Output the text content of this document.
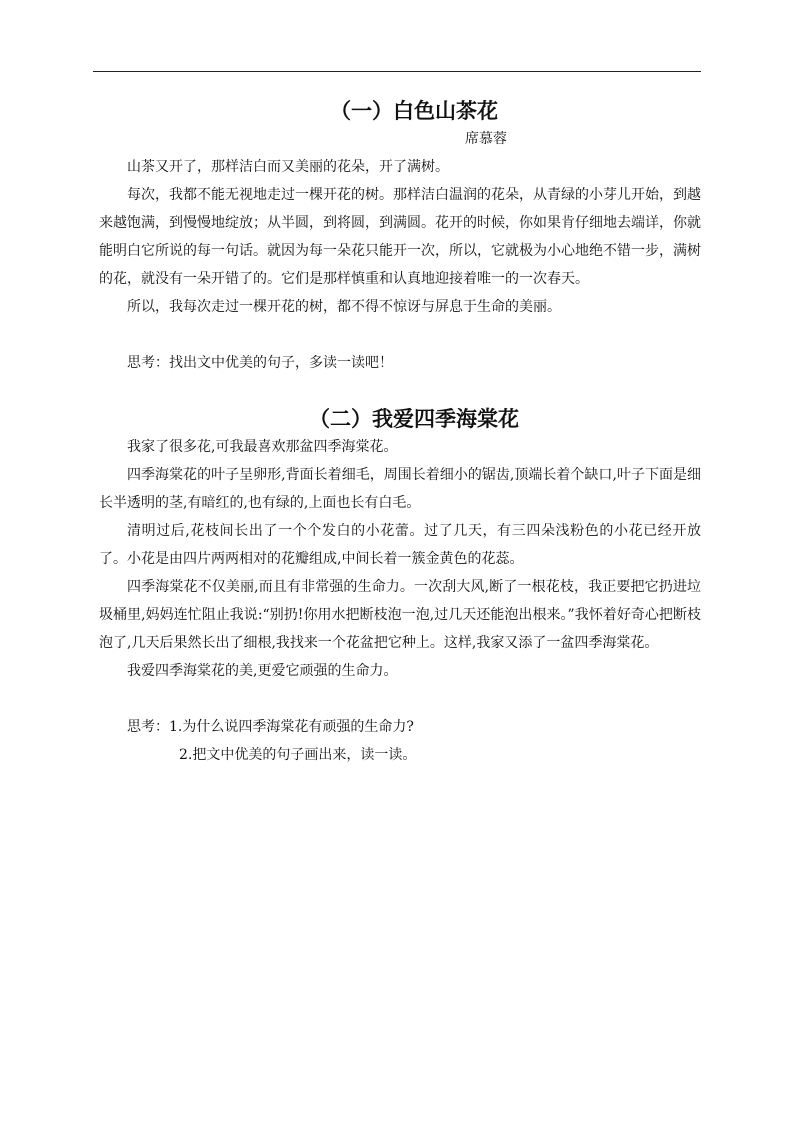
（一）白色山茶花
席慕蓉

山茶又开了，那样洁白而又美丽的花朵，开了满树。

每次，我都不能无视地走过一棵开花的树。那样洁白温润的花朵，从青绿的小芽儿开始，到越来越饱满，到慢慢地绽放；从半圆，到将圆，到满圆。花开的时候，你如果肯仔细地去端详，你就能明白它所说的每一句话。就因为每一朵花只能开一次，所以，它就极为小心地绝不错一步，满树的花，就没有一朵开错了的。它们是那样慎重和认真地迎接着唯一的一次春天。

所以，我每次走过一棵开花的树，都不得不惊讶与屏息于生命的美丽。

思考：找出文中优美的句子，多读一读吧！

（二）我爱四季海棠花

我家了很多花,可我最喜欢那盆四季海棠花。

四季海棠花的叶子呈卵形,背面长着细毛，周围长着细小的锯齿,顶端长着个缺口,叶子下面是细长半透明的茎,有暗红的,也有绿的,上面也长有白毛。

清明过后,花枝间长出了一个个发白的小花蕾。过了几天，有三四朵浅粉色的小花已经开放了。小花是由四片两两相对的花瓣组成,中间长着一簇金黄色的花蕊。

四季海棠花不仅美丽,而且有非常强的生命力。一次刮大风,断了一根花枝，我正要把它扔进垃圾桶里,妈妈连忙阻止我说:“别扔!你用水把断枝泡一泡,过几天还能泡出根来。”我怀着好奇心把断枝泡了,几天后果然长出了细根,我找来一个花盆把它种上。这样,我家又添了一盆四季海棠花。

我爱四季海棠花的美,更爱它顽强的生命力。

思考：1.为什么说四季海棠花有顽强的生命力?

2.把文中优美的句子画出来，读一读。
